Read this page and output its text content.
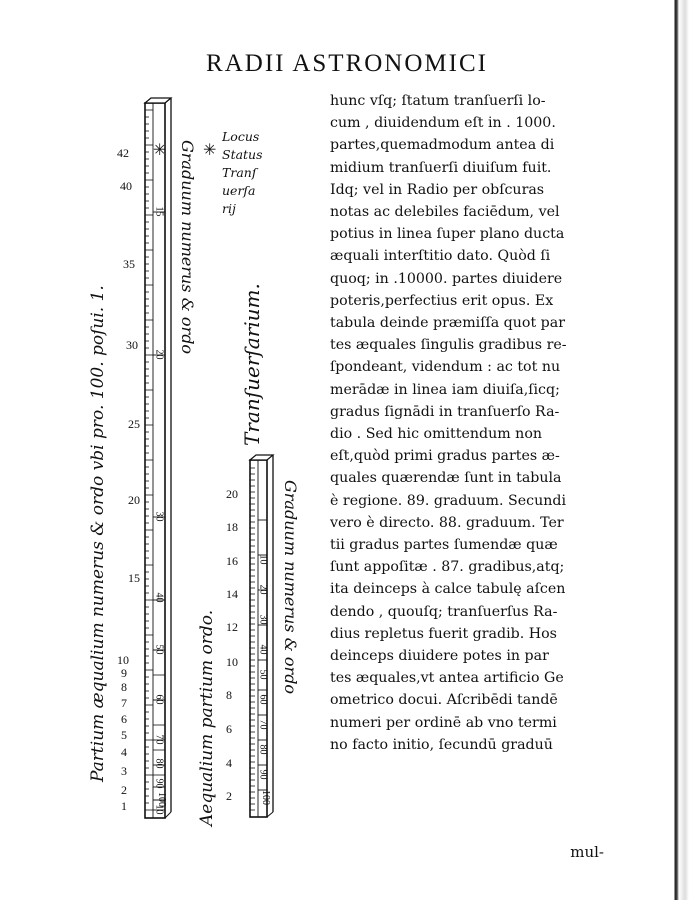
RADII ASTRONOMICI
42
40
35
30
25
20
15
10
9
8
7
6
5
4
3
2
1
15
20
30
40
50
60
70
80
90
100
10
20
18
16
14
12
10
8
6
4
2
10
20
30
40
50
60
70
80
90
100
Partium æqualium numerus & ordo vbi pro. 100. poſui. 1.
Graduum numerus & ordo
✳ ✳
Locus
Status
Tranſ
uerſa
rij
Tranſuerſarium.
Aequalium partium ordo.
Graduum numerus & ordo
hunc vſq; ſtatum tranſuerſi lo-
cum , diuidendum eſt in . 1000.
partes,quemadmodum antea di
midium tranſuerſi diuiſum fuit.
Idq; vel in Radio per obſcuras
notas ac delebiles faciēdum, vel
potius in linea ſuper plano ducta
æquali interſtitio dato. Quòd ſi
quoq; in .10000. partes diuidere
poteris,perfectius erit opus. Ex
tabula deinde præmiſſa quot par
tes æquales ſingulis gradibus re-
ſpondeant, videndum : ac tot nu
merādæ in linea iam diuiſa,ſicq;
gradus ſignādi in tranſuerſo Ra-
dio . Sed hic omittendum non
eſt,quòd primi gradus partes æ-
quales quærendæ ſunt in tabula
è regione. 89. graduum. Secundi
vero è directo. 88. graduum. Ter
tii gradus partes ſumendæ quæ
ſunt appoſitæ . 87. gradibus,atq;
ita deinceps à calce tabulę aſcen
dendo , quouſq; tranſuerſus Ra-
dius repletus fuerit gradib. Hos
deinceps diuidere potes in par
tes æquales,vt antea artificio Ge
ometrico docui. Aſcribēdi tandē
numeri per ordinē ab vno termi
no facto initio, ſecundū graduū
mul-
